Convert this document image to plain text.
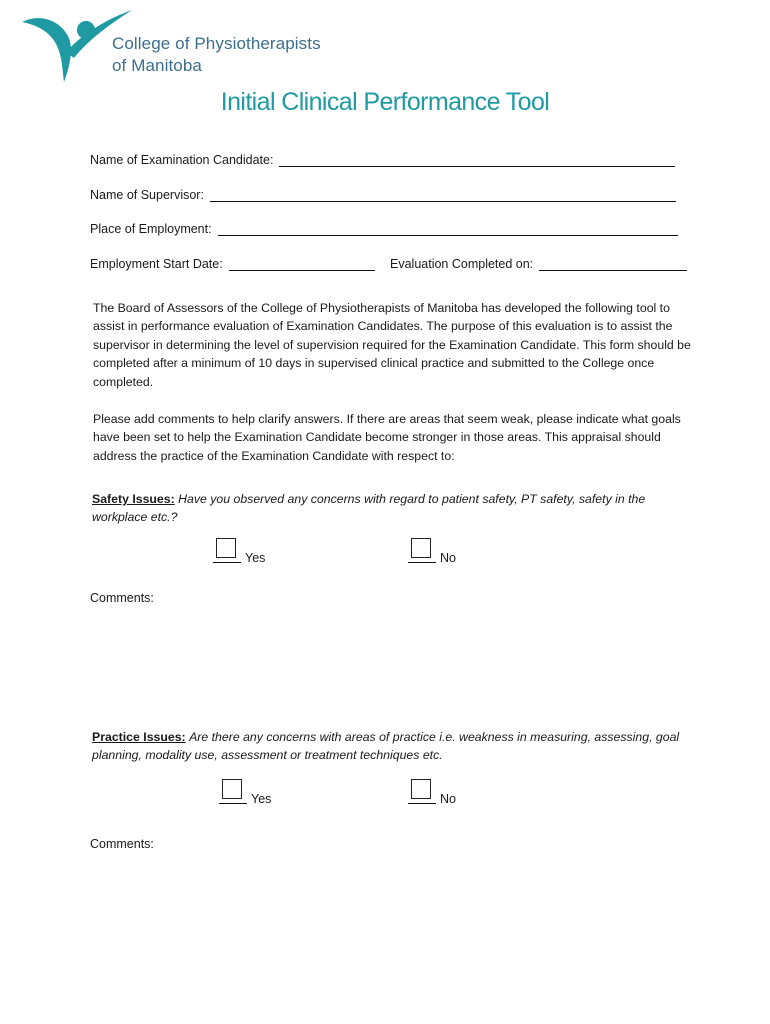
College of Physiotherapists
of Manitoba
Initial Clinical Performance Tool
Name of Examination Candidate:
Name of Supervisor:
Place of Employment:
Employment Start Date:	Evaluation Completed on:
The Board of Assessors of the College of Physiotherapists of Manitoba has developed the following tool to assist in performance evaluation of Examination Candidates. The purpose of this evaluation is to assist the supervisor in determining the level of supervision required for the Examination Candidate. This form should be completed after a minimum of 10 days in supervised clinical practice and submitted to the College once completed.
Please add comments to help clarify answers. If there are areas that seem weak, please indicate what goals have been set to help the Examination Candidate become stronger in those areas. This appraisal should address the practice of the Examination Candidate with respect to:
Safety Issues: Have you observed any concerns with regard to patient safety, PT safety, safety in the workplace etc.?
Yes	No
Comments:
Practice Issues: Are there any concerns with areas of practice i.e. weakness in measuring, assessing, goal planning, modality use, assessment or treatment techniques etc.
Yes	No
Comments:
